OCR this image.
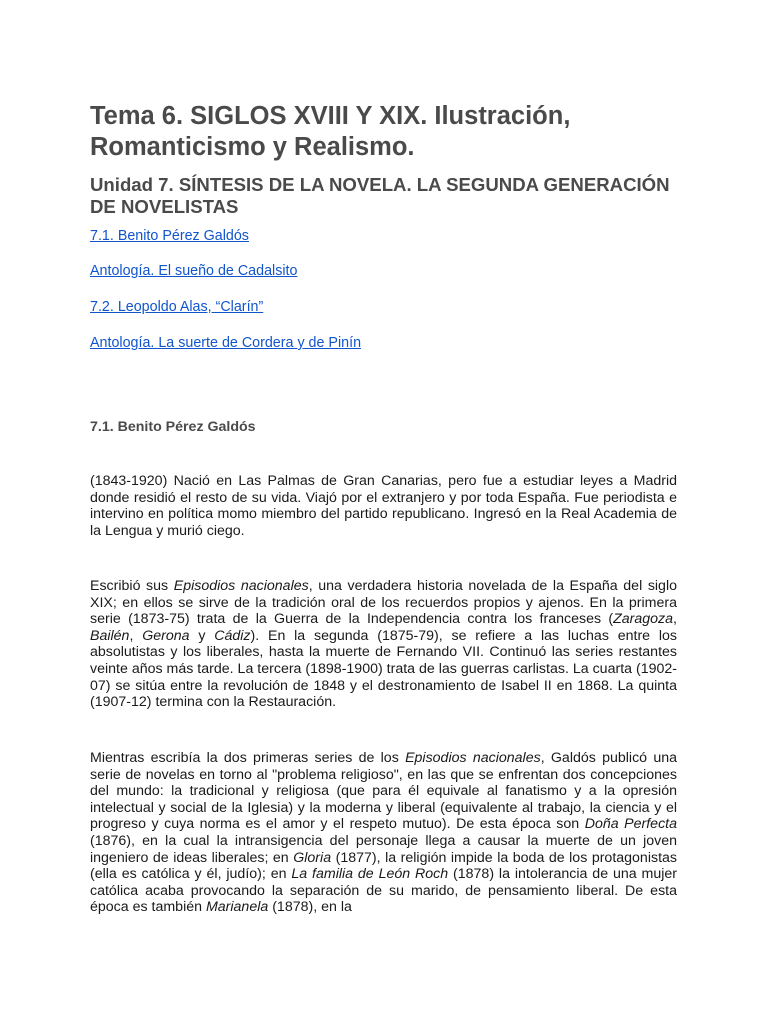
Tema 6. SIGLOS XVIII Y XIX. Ilustración, Romanticismo y Realismo.
Unidad 7. SÍNTESIS DE LA NOVELA. LA SEGUNDA GENERACIÓN DE NOVELISTAS
7.1. Benito Pérez Galdós
Antología. El sueño de Cadalsito
7.2. Leopoldo Alas, “Clarín”
Antología. La suerte de Cordera y de Pinín
7.1. Benito Pérez Galdós

(1843-1920) Nació en Las Palmas de Gran Canarias, pero fue a estudiar leyes a Madrid donde residió el resto de su vida. Viajó por el extranjero y por toda España. Fue periodista e intervino en política momo miembro del partido republicano. Ingresó en la Real Academia de la Lengua y murió ciego.

Escribió sus Episodios nacionales, una verdadera historia novelada de la España del siglo XIX; en ellos se sirve de la tradición oral de los recuerdos propios y ajenos. En la primera serie (1873-75) trata de la Guerra de la Independencia contra los franceses (Zaragoza, Bailén, Gerona y Cádiz). En la segunda (1875-79), se refiere a las luchas entre los absolutistas y los liberales, hasta la muerte de Fernando VII. Continuó las series restantes veinte años más tarde. La tercera (1898-1900) trata de las guerras carlistas. La cuarta (1902-07) se sitúa entre la revolución de 1848 y el destronamiento de Isabel II en 1868. La quinta (1907-12) termina con la Restauración.

Mientras escribía la dos primeras series de los Episodios nacionales, Galdós publicó una serie de novelas en torno al "problema religioso", en las que se enfrentan dos concepciones del mundo: la tradicional y religiosa (que para él equivale al fanatismo y a la opresión intelectual y social de la Iglesia) y la moderna y liberal (equivalente al trabajo, la ciencia y el progreso y cuya norma es el amor y el respeto mutuo). De esta época son Doña Perfecta (1876), en la cual la intransigencia del personaje llega a causar la muerte de un joven ingeniero de ideas liberales; en Gloria (1877), la religión impide la boda de los protagonistas (ella es católica y él, judío); en La familia de León Roch (1878) la intolerancia de una mujer católica acaba provocando la separación de su marido, de pensamiento liberal. De esta época es también Marianela (1878), en la
